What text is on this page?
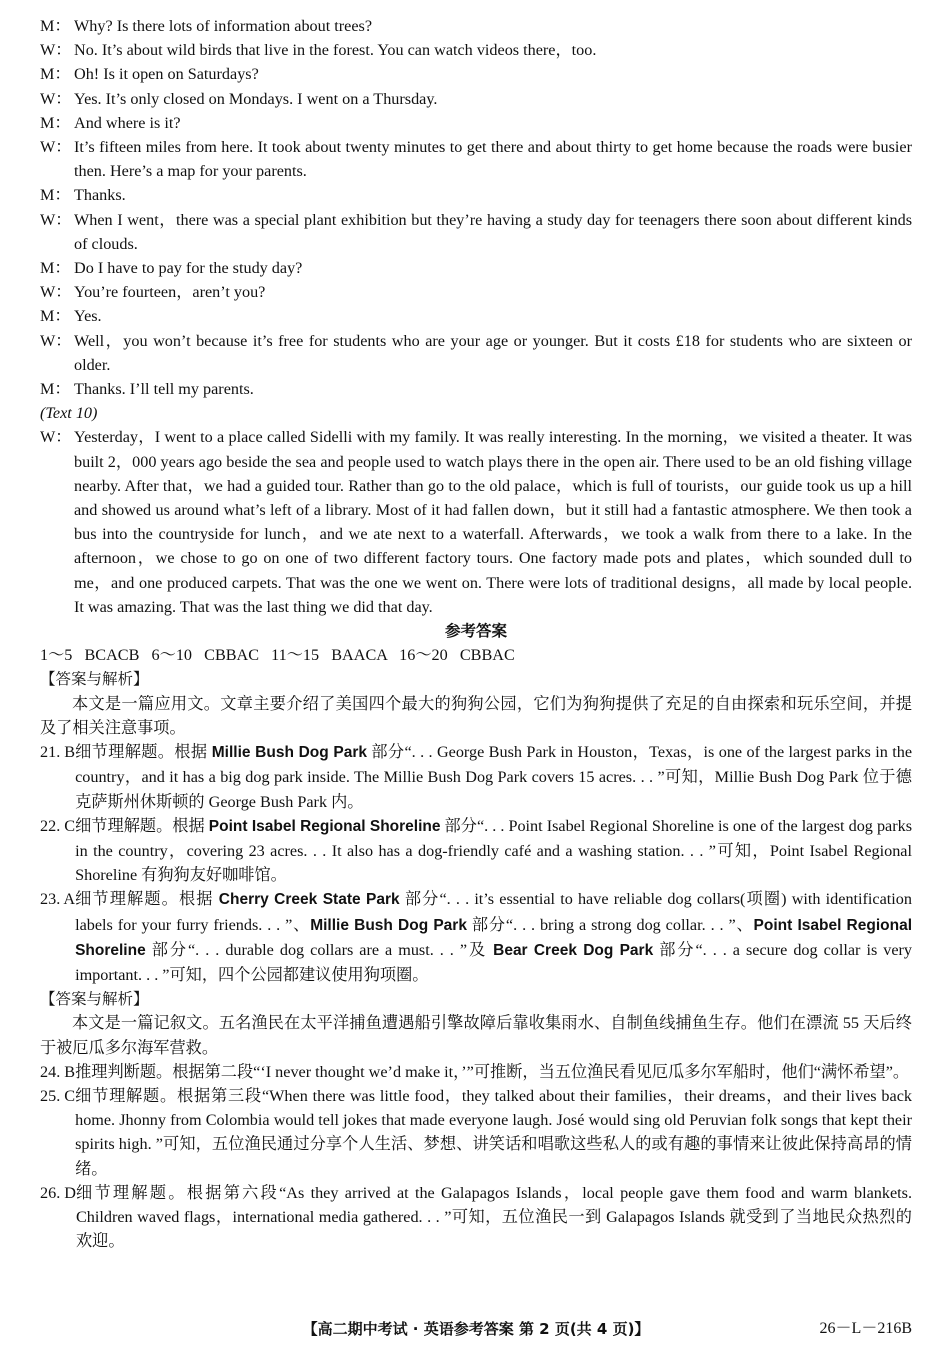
M： Why? Is there lots of information about trees?
W： No. It’s about wild birds that live in the forest. You can watch videos there，too.
M： Oh! Is it open on Saturdays?
W： Yes. It’s only closed on Mondays. I went on a Thursday.
M： And where is it?
W： It’s fifteen miles from here. It took about twenty minutes to get there and about thirty to get home because the roads were busier then. Here’s a map for your parents.
M： Thanks.
W： When I went，there was a special plant exhibition but they’re having a study day for teenagers there soon about different kinds of clouds.
M： Do I have to pay for the study day?
W： You’re fourteen，aren’t you?
M： Yes.
W： Well，you won’t because it’s free for students who are your age or younger. But it costs £18 for students who are sixteen or older.
M： Thanks. I’ll tell my parents.
(Text 10)
W： Yesterday，I went to a place called Sidelli with my family. It was really interesting. In the morning，we visited a theater. It was built 2，000 years ago beside the sea and people used to watch plays there in the open air. There used to be an old fishing village nearby. After that，we had a guided tour. Rather than go to the old palace，which is full of tourists，our guide took us up a hill and showed us around what’s left of a library. Most of it had fallen down，but it still had a fantastic atmosphere. We then took a bus into the countryside for lunch，and we ate next to a waterfall. Afterwards，we took a walk from there to a lake. In the afternoon，we chose to go on one of two different factory tours. One factory made pots and plates，which sounded dull to me，and one produced carpets. That was the one we went on. There were lots of traditional designs，all made by local people. It was amazing. That was the last thing we did that day.
参考答案
1～5   BCACB   6～10   CBBAC   11～15   BAACA   16～20   CBBAC
【答案与解析】
本文是一篇应用文。文章主要介绍了美国四个最大的狗狗公园，它们为狗狗提供了充足的自由探索和玩乐空间，并提及了相关注意事项。
21. B 细节理解题。根据 Millie Bush Dog Park 部分“. . . George Bush Park in Houston，Texas，is one of the largest parks in the country，and it has a big dog park inside. The Millie Bush Dog Park covers 15 acres. . . ”可知，Millie Bush Dog Park 位于德克萨斯州休斯顿的 George Bush Park 内。
22. C 细节理解题。根据 Point Isabel Regional Shoreline 部分“. . . Point Isabel Regional Shoreline is one of the largest dog parks in the country，covering 23 acres. . . It also has a dog-friendly café and a washing station. . . ”可知，Point Isabel Regional Shoreline 有狗狗友好咖啡馆。
23. A 细节理解题。根据 Cherry Creek State Park 部分“. . . it’s essential to have reliable dog collars(项圈) with identification labels for your furry friends. . . ”、Millie Bush Dog Park 部分“. . . bring a strong dog collar. . . ”、Point Isabel Regional Shoreline 部分“. . . durable dog collars are a must. . . ”及 Bear Creek Dog Park 部分“. . . a secure dog collar is very important. . . ”可知，四个公园都建议使用狗项圈。
【答案与解析】
本文是一篇记叙文。五名渔民在太平洋捕鱼遭遇船引擎故障后靠收集雨水、自制鱼线捕鱼生存。他们在漂流 55 天后终于被厄瓜多尔海军营救。
24. B 推理判断题。根据第二段“‘I never thought we’d make it，’”可推断，当五位渔民看见厄瓜多尔军船时，他们“满怀希望”。
25. C 细节理解题。根据第三段“When there was little food，they talked about their families，their dreams，and their lives back home. Jhonny from Colombia would tell jokes that made everyone laugh. José would sing old Peruvian folk songs that kept their spirits high. ”可知，五位渔民通过分享个人生活、梦想、讲笑话和唱歌这些私人的或有趣的事情来让彼此保持高昂的情绪。
26. D 细节理解题。根据第六段“As they arrived at the Galapagos Islands，local people gave them food and warm blankets. Children waved flags，international media gathered. . . ”可知，五位渔民一到 Galapagos Islands 就受到了当地民众热烈的欢迎。
【高二期中考试 · 英语参考答案 第 2 页(共 4 页)】	26－L－216B
